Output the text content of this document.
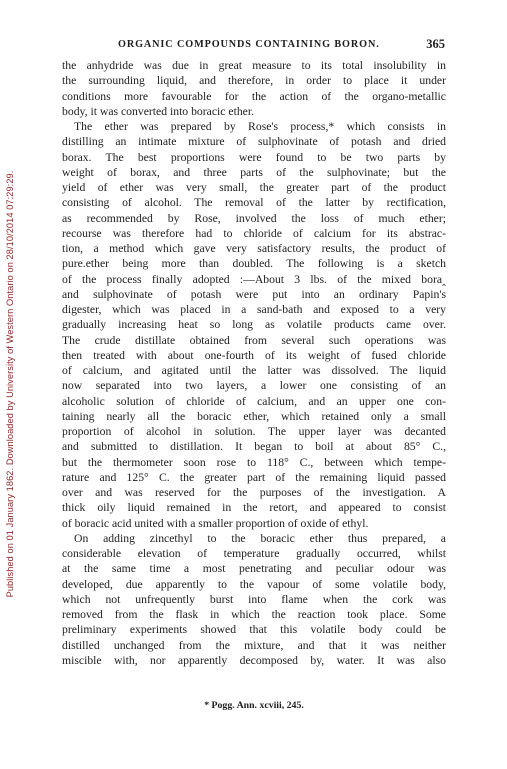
Published on 01 January 1862. Downloaded by University of Western Ontario on 28/10/2014 07:29:29.
ORGANIC COMPOUNDS CONTAINING BORON.	365
the anhydride was due in great measure to its total insolubility in
the surrounding liquid, and therefore, in order to place it under
conditions more favourable for the action of the organo-metallic
body, it was converted into boracic ether.
The ether was prepared by Rose's process,* which consists in
distilling an intimate mixture of sulphovinate of potash and dried
borax. The best proportions were found to be two parts by
weight of borax, and three parts of the sulphovinate; but the
yield of ether was very small, the greater part of the product
consisting of alcohol. The removal of the latter by rectification,
as recommended by Rose, involved the loss of much ether;
recourse was therefore had to chloride of calcium for its abstrac-
tion, a method which gave very satisfactory results, the product of
pure.ether being more than doubled. The following is a sketch
of the process finally adopted :—About 3 lbs. of the mixed bora‸
and sulphovinate of potash were put into an ordinary Papin's
digester, which was placed in a sand-bath and exposed to a very
gradually increasing heat so long as volatile products came over.
The crude distillate obtained from several such operations was
then treated with about one-fourth of its weight of fused chloride
of calcium, and agitated until the latter was dissolved. The liquid
now separated into two layers, a lower one consisting of an
alcoholic solution of chloride of calcium, and an upper one con-
taining nearly all the boracic ether, which retained only a small
proportion of alcohol in solution. The upper layer was decanted
and submitted to distillation. It began to boil at about 85° C.,
but the thermometer soon rose to 118° C., between which tempe-
rature and 125° C. the greater part of the remaining liquid passed
over and was reserved for the purposes of the investigation. A
thick oily liquid remained in the retort, and appeared to consist
of boracic acid united with a smaller proportion of oxide of ethyl.
On adding zincethyl to the boracic ether thus prepared, a
considerable elevation of temperature gradually occurred, whilst
at the same time a most penetrating and peculiar odour was
developed, due apparently to the vapour of some volatile body,
which not unfrequently burst into flame when the cork was
removed from the flask in which the reaction took place. Some
preliminary experiments showed that this volatile body could be
distilled unchanged from the mixture, and that it was neither
miscible with, nor apparently decomposed by, water. It was also
* Pogg. Ann. xcviii, 245.
